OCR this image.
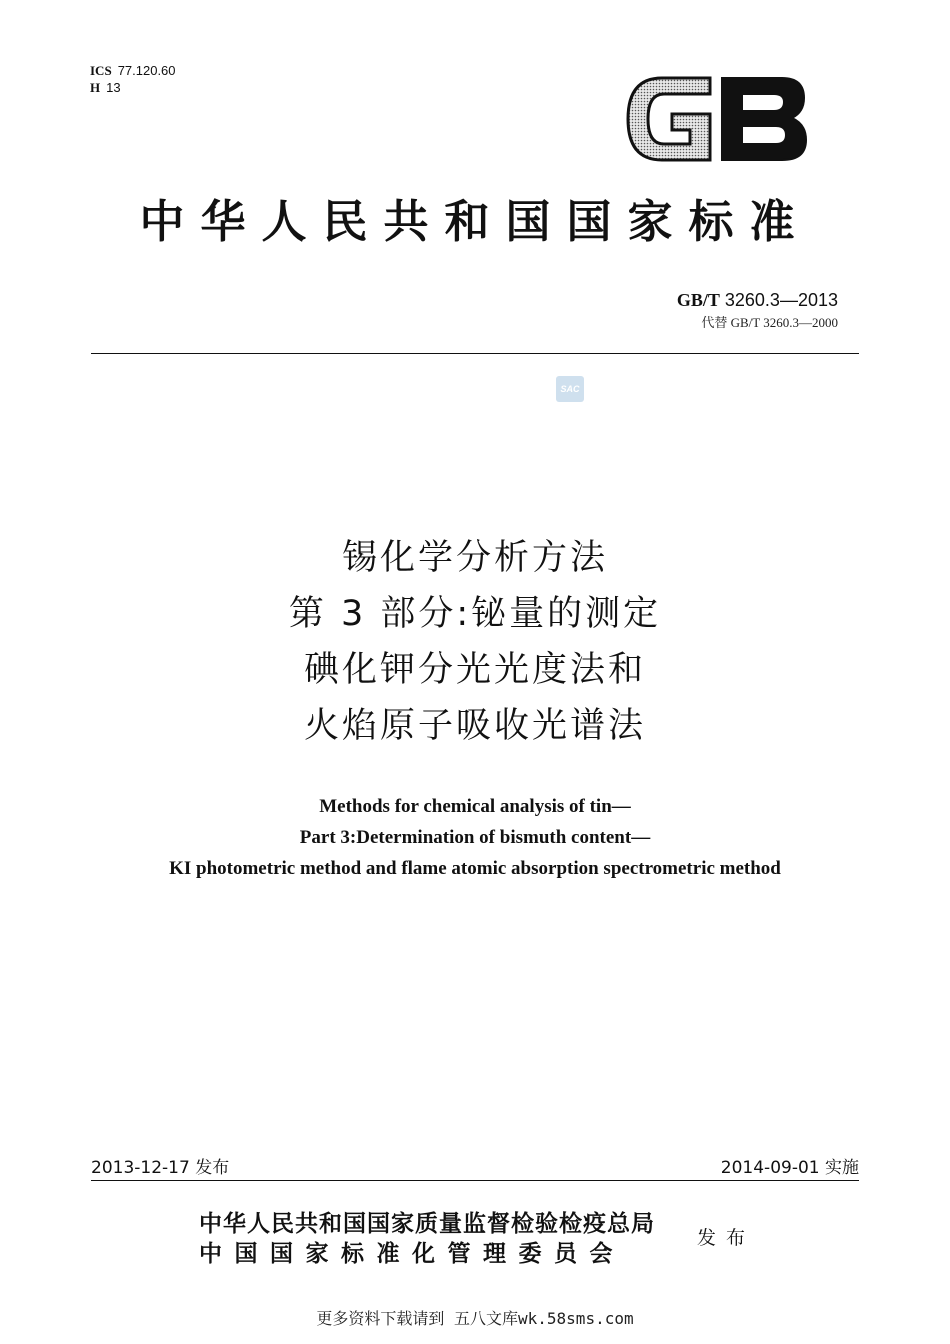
ICS 77.120.60
H 13
中华人民共和国国家标准
GB/T 3260.3—2013
代替 GB/T 3260.3—2000
SAC
锡化学分析方法
第 3 部分:铋量的测定
碘化钾分光光度法和
火焰原子吸收光谱法
Methods for chemical analysis of tin—
Part 3:Determination of bismuth content—
KI photometric method and flame atomic absorption spectrometric method
2013-12-17 发布	2014-09-01 实施
中华人民共和国国家质量监督检验检疫总局
中国国家标准化管理委员会
发布
更多资料下载请到 五八文库wk.58sms.com
